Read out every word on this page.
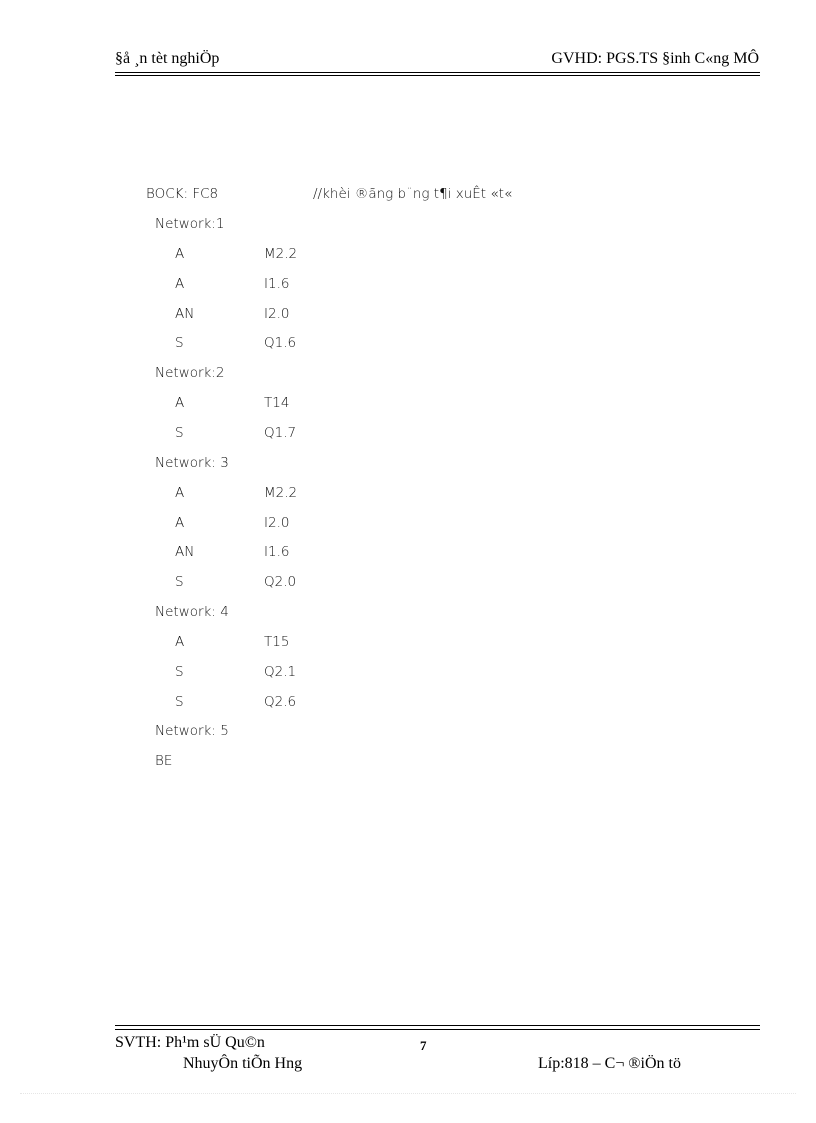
§å ¸n tèt nghiÖp	GVHD: PGS.TS §inh C«ng MÔ
BOCK: FC8	//khèi ®ãng b¨ng t¶i xuÊt «t«
Network:1
A	M2.2
A	I1.6
AN	I2.0
S	Q1.6
Network:2
A	T14
S	Q1.7
Network: 3
A	M2.2
A	I2.0
AN	I1.6
S	Q2.0
Network: 4
A	T15
S	Q2.1
S	Q2.6
Network: 5
BE
SVTH: Ph¹m sÜ Qu©n
NhuyÔn tiÕn Hng
7
Líp:818 – C¬ ®iÖn tö
